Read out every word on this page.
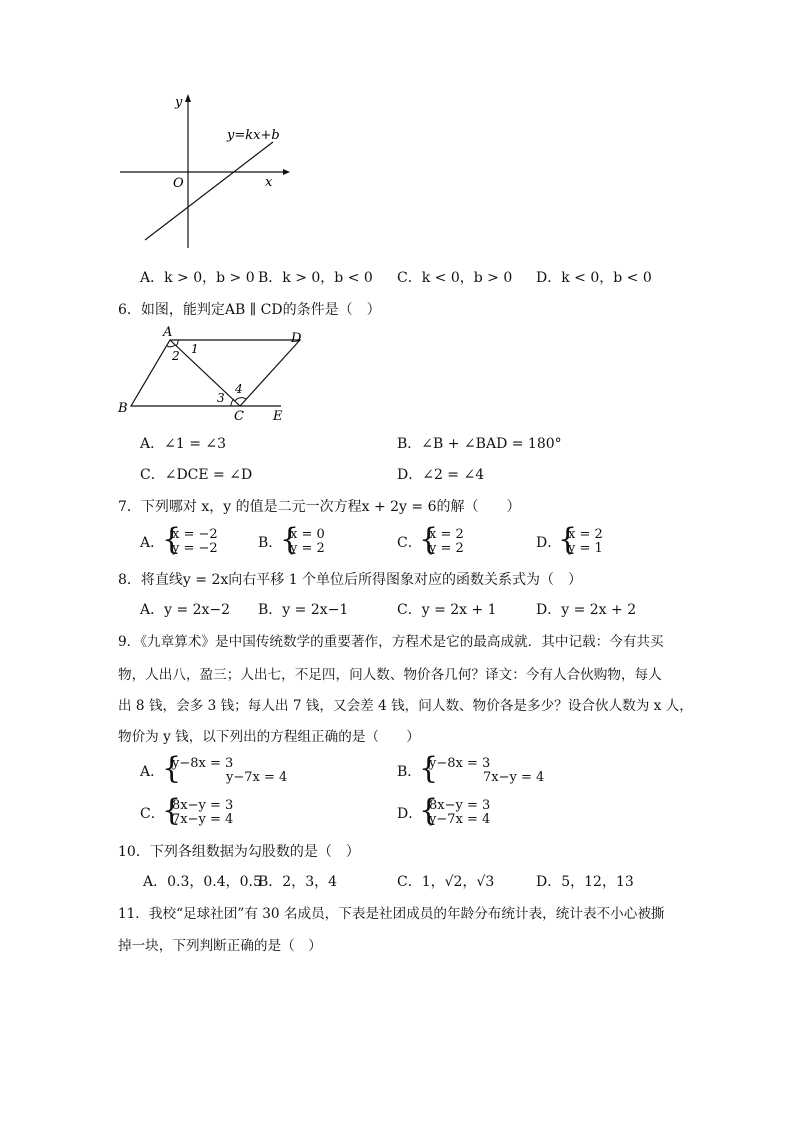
y
x
O
y=kx+b
A．k > 0，b > 0 B．k > 0，b < 0 C．k < 0，b > 0 D．k < 0，b < 0
6．如图，能判定AB ∥ CD的条件是（　）
A	D
B
C E
1
2
3
4
A．∠1 = ∠3	B．∠B + ∠BAD = 180°
C．∠DCE = ∠D	D．∠2 = ∠4
7．下列哪对 x，y 的值是二元一次方程x + 2y = 6的解（　　）
A．
{
x = −2
y = −2	B．
{
x = 0
y = 2	C．
{
x = 2
y = 2	D．
{
x = 2
y = 1
8．将直线y = 2x向右平移 1 个单位后所得图象对应的函数关系式为（　）
A．y = 2x−2 B．y = 2x−1	C．y = 2x + 1	D．y = 2x + 2
9．《九章算术》是中国传统数学的重要著作，方程术是它的最高成就．其中记载：今有共买
物，人出八，盈三；人出七，不足四，问人数、物价各几何？译文：今有人合伙购物，每人
出 8 钱，会多 3 钱；每人出 7 钱，又会差 4 钱，问人数、物价各是多少？设合伙人数为 x 人，
物价为 y 钱，以下列出的方程组正确的是（　　）
A．
{
y−8x = 3
y−7x = 4	B．
{
y−8x = 3
7x−y = 4
C．
{
8x−y = 3
7x−y = 4	D．
{
8x−y = 3
y−7x = 4
10．下列各组数据为勾股数的是（　）
A．0.3，0.4，0.5
B．2，3，4	C．1，√2，√3	D．5，12，13
11．我校“足球社团”有 30 名成员，下表是社团成员的年龄分布统计表，统计表不小心被撕
掉一块，下列判断正确的是（　）
